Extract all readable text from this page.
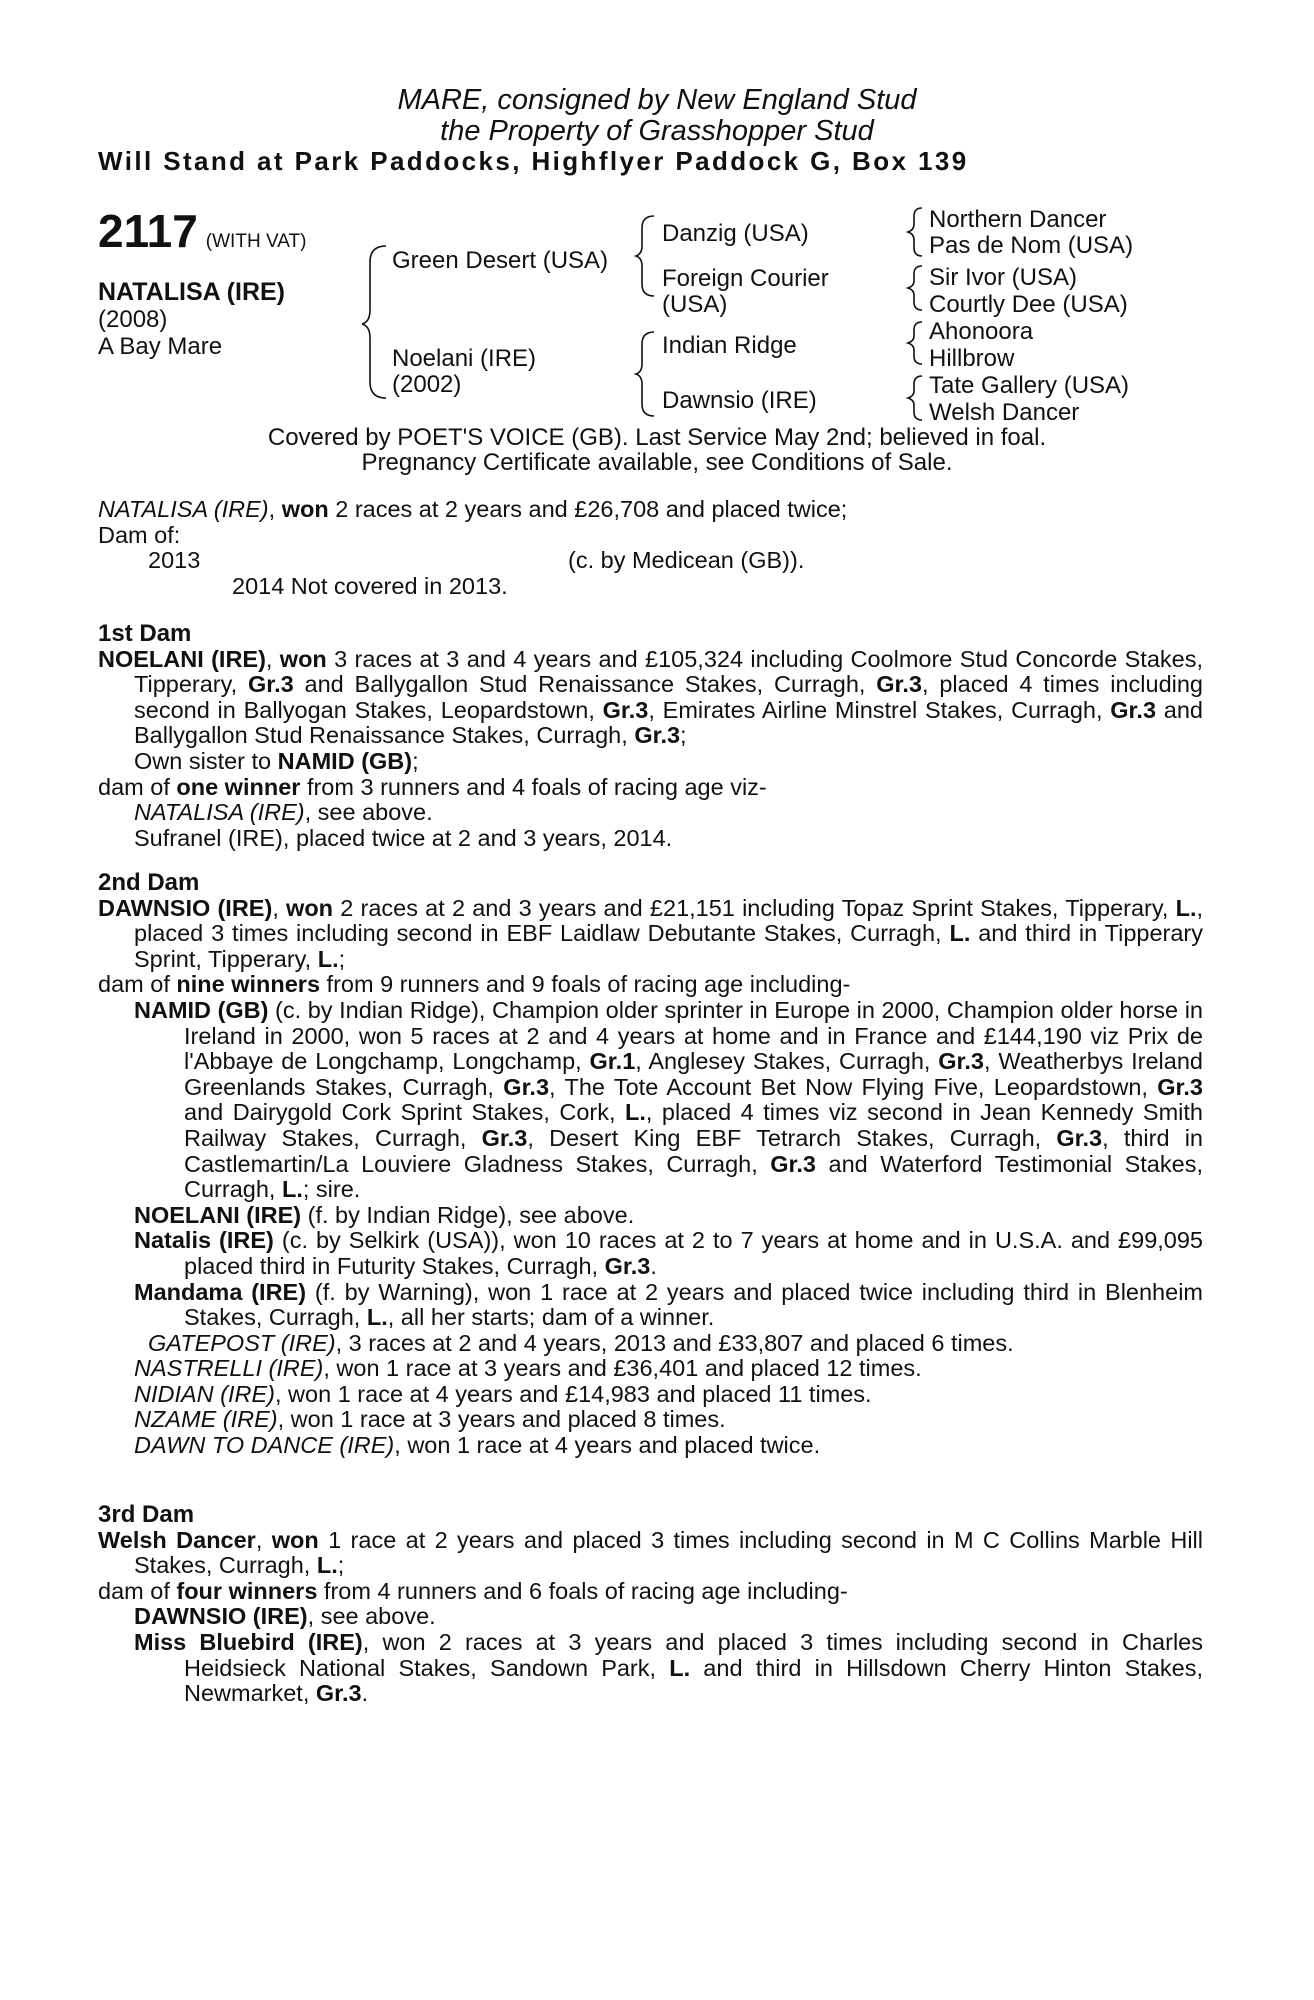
MARE, consigned by New England Stud
the Property of Grasshopper Stud
Will Stand at Park Paddocks, Highflyer Paddock G, Box 139
2117 (WITH VAT)
NATALISA (IRE)
(2008)
A Bay Mare
Green Desert (USA)
Noelani (IRE)
(2002)
Danzig (USA)
Foreign Courier
(USA)
Indian Ridge
Dawnsio (IRE)
Northern Dancer
Pas de Nom (USA)
Sir Ivor (USA)
Courtly Dee (USA)
Ahonoora
Hillbrow
Tate Gallery (USA)
Welsh Dancer
Covered by POET'S VOICE (GB). Last Service May 2nd; believed in foal.
Pregnancy Certificate available, see Conditions of Sale.

NATALISA (IRE), won 2 races at 2 years and £26,708 and placed twice;

Dam of:

2013	(c. by Medicean (GB)).

2014 Not covered in 2013.

1st Dam

NOELANI (IRE), won 3 races at 3 and 4 years and £105,324 including Coolmore Stud Concorde Stakes, Tipperary, Gr.3 and Ballygallon Stud Renaissance Stakes, Curragh, Gr.3, placed 4 times including second in Ballyogan Stakes, Leopardstown, Gr.3, Emirates Airline Minstrel Stakes, Curragh, Gr.3 and Ballygallon Stud Renaissance Stakes, Curragh, Gr.3;

Own sister to NAMID (GB);

dam of one winner from 3 runners and 4 foals of racing age viz-

NATALISA (IRE), see above.

Sufranel (IRE), placed twice at 2 and 3 years, 2014.

2nd Dam

DAWNSIO (IRE), won 2 races at 2 and 3 years and £21,151 including Topaz Sprint Stakes, Tipperary, L., placed 3 times including second in EBF Laidlaw Debutante Stakes, Curragh, L. and third in Tipperary Sprint, Tipperary, L.;

dam of nine winners from 9 runners and 9 foals of racing age including-

NAMID (GB) (c. by Indian Ridge), Champion older sprinter in Europe in 2000, Champion older horse in Ireland in 2000, won 5 races at 2 and 4 years at home and in France and £144,190 viz Prix de l'Abbaye de Longchamp, Longchamp, Gr.1, Anglesey Stakes, Curragh, Gr.3, Weatherbys Ireland Greenlands Stakes, Curragh, Gr.3, The Tote Account Bet Now Flying Five, Leopardstown, Gr.3 and Dairygold Cork Sprint Stakes, Cork, L., placed 4 times viz second in Jean Kennedy Smith Railway Stakes, Curragh, Gr.3, Desert King EBF Tetrarch Stakes, Curragh, Gr.3, third in Castlemartin/La Louviere Gladness Stakes, Curragh, Gr.3 and Waterford Testimonial Stakes, Curragh, L.; sire.

NOELANI (IRE) (f. by Indian Ridge), see above.

Natalis (IRE) (c. by Selkirk (USA)), won 10 races at 2 to 7 years at home and in U.S.A. and £99,095 placed third in Futurity Stakes, Curragh, Gr.3.

Mandama (IRE) (f. by Warning), won 1 race at 2 years and placed twice including third in Blenheim Stakes, Curragh, L., all her starts; dam of a winner.

GATEPOST (IRE), 3 races at 2 and 4 years, 2013 and £33,807 and placed 6 times.

NASTRELLI (IRE), won 1 race at 3 years and £36,401 and placed 12 times.

NIDIAN (IRE), won 1 race at 4 years and £14,983 and placed 11 times.

NZAME (IRE), won 1 race at 3 years and placed 8 times.

DAWN TO DANCE (IRE), won 1 race at 4 years and placed twice.

3rd Dam

Welsh Dancer, won 1 race at 2 years and placed 3 times including second in M C Collins Marble Hill Stakes, Curragh, L.;

dam of four winners from 4 runners and 6 foals of racing age including-

DAWNSIO (IRE), see above.

Miss Bluebird (IRE), won 2 races at 3 years and placed 3 times including second in Charles Heidsieck National Stakes, Sandown Park, L. and third in Hillsdown Cherry Hinton Stakes, Newmarket, Gr.3.
